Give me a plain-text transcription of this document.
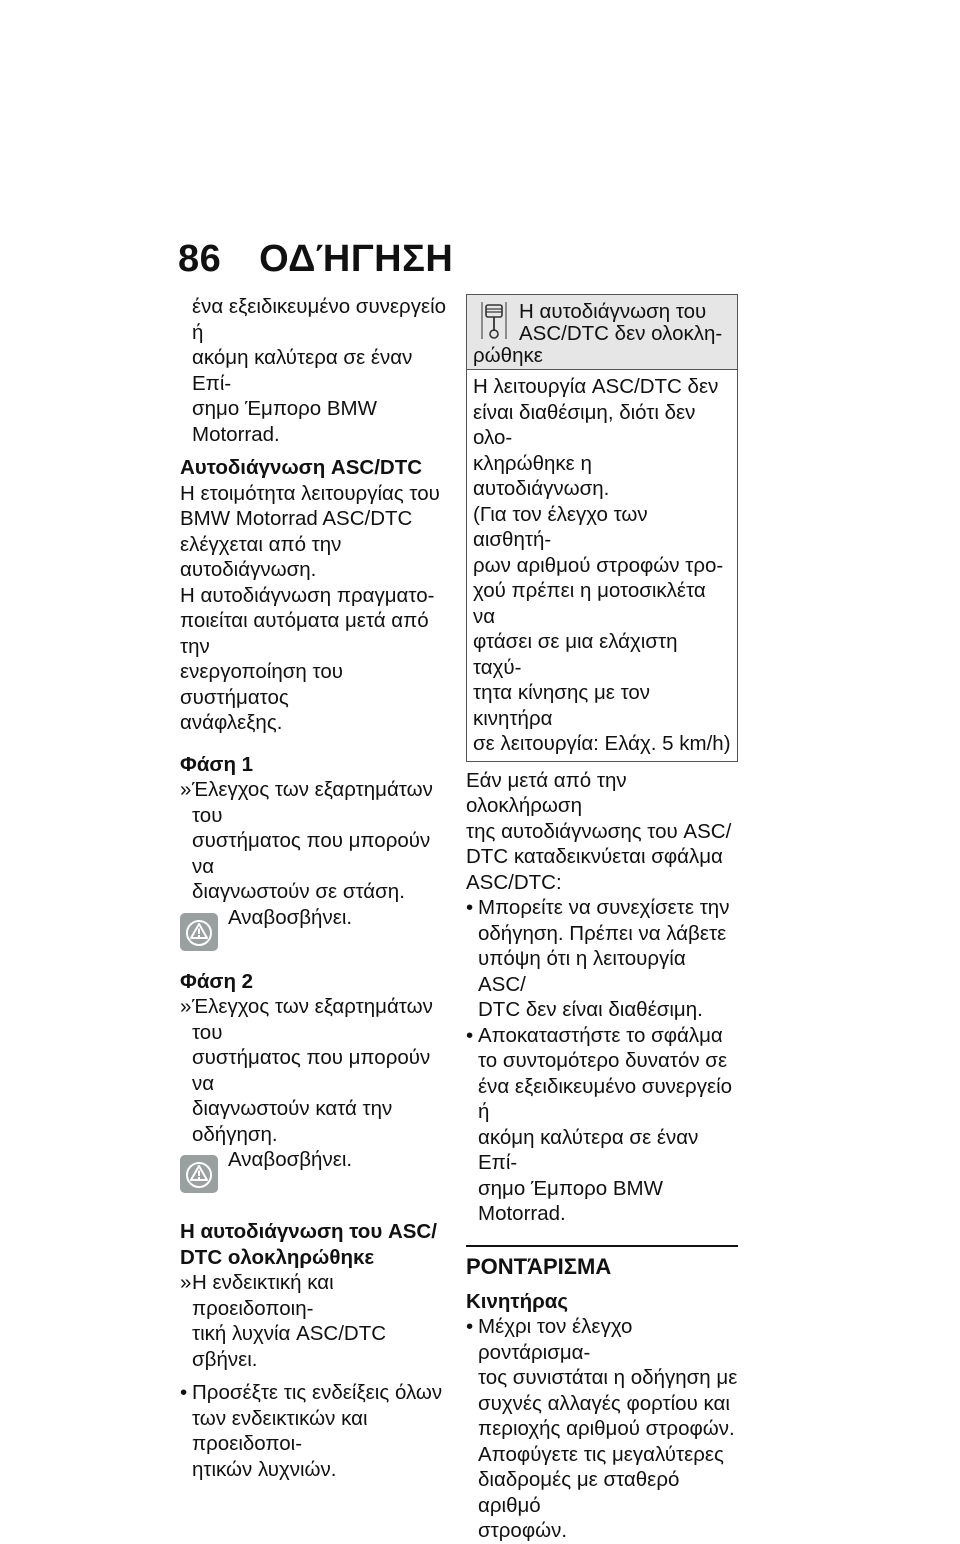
86 ΟΔΉΓΗΣΗ

ένα εξειδικευμένο συνεργείο ή

ακόμη καλύτερα σε έναν Επί-

σημο Έμπορο BMW Motorrad.

Αυτοδιάγνωση ASC/DTC

Η ετοιμότητα λειτουργίας του

BMW Motorrad ASC/DTC

ελέγχεται από την αυτοδιάγνωση.

Η αυτοδιάγνωση πραγματο-

ποιείται αυτόματα μετά από την

ενεργοποίηση του συστήματος

ανάφλεξης.

Φάση 1

» Έλεγχος των εξαρτημάτων του

συστήματος που μπορούν να

διαγνωστούν σε στάση.

Αναβοσβήνει.

Φάση 2

» Έλεγχος των εξαρτημάτων του

συστήματος που μπορούν να

διαγνωστούν κατά την οδήγηση.

Αναβοσβήνει.

Η αυτοδιάγνωση του ASC/

DTC ολοκληρώθηκε

» Η ενδεικτική και προειδοποιη-

τική λυχνία ASC/DTC σβήνει.

• Προσέξτε τις ενδείξεις όλων

των ενδεικτικών και προειδοποι-

ητικών λυχνιών.

Η αυτοδιάγνωση του

ASC/DTC δεν ολοκλη-

ρώθηκε

Η λειτουργία ASC/DTC δεν

είναι διαθέσιμη, διότι δεν ολο-

κληρώθηκε η αυτοδιάγνωση.

(Για τον έλεγχο των αισθητή-

ρων αριθμού στροφών τρο-

χού πρέπει η μοτοσικλέτα να

φτάσει σε μια ελάχιστη ταχύ-

τητα κίνησης με τον κινητήρα

σε λειτουργία: Ελάχ. 5 km/h)

Εάν μετά από την ολοκλήρωση

της αυτοδιάγνωσης του ASC/

DTC καταδεικνύεται σφάλμα

ASC/DTC:

• Μπορείτε να συνεχίσετε την

οδήγηση. Πρέπει να λάβετε

υπόψη ότι η λειτουργία ASC/

DTC δεν είναι διαθέσιμη.

• Αποκαταστήστε το σφάλμα

το συντομότερο δυνατόν σε

ένα εξειδικευμένο συνεργείο ή

ακόμη καλύτερα σε έναν Επί-

σημο Έμπορο BMW Motorrad.

ΡΟΝΤΆΡΙΣΜΑ

Κινητήρας

• Μέχρι τον έλεγχο ροντάρισμα-

τος συνιστάται η οδήγηση με

συχνές αλλαγές φορτίου και

περιοχής αριθμού στροφών.

Αποφύγετε τις μεγαλύτερες

διαδρομές με σταθερό αριθμό

στροφών.
